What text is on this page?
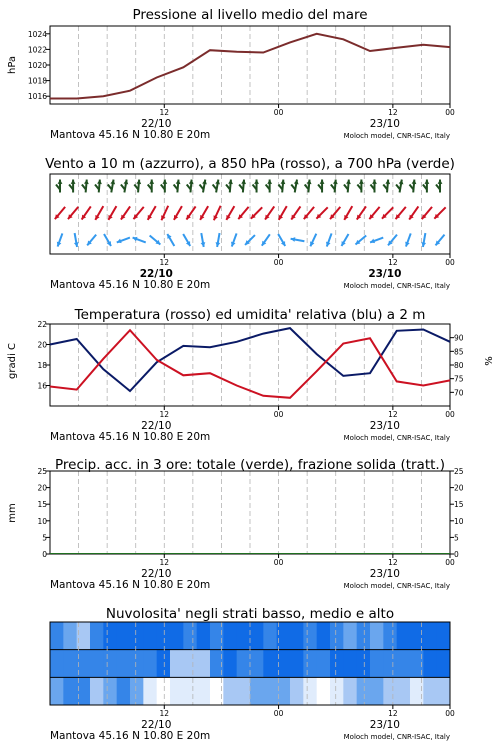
Pressione al livello medio del mare
Vento a 10 m (azzurro), a 850 hPa (rosso), a 700 hPa (verde)
Temperatura (rosso) ed umidita' relativa (blu) a 2 m
Precip. acc. in 3 ore: totale (verde), frazione solida (tratt.)
Nuvolosita' negli strati basso, medio e alto
hPa
gradi C	%
mm
1016
1018
1020
1022
1024
12	00	12	00
22/10	23/10
Mantova 45.16 N 10.80 E 20m	Moloch model, CNR-ISAC, Italy
12	00	12	00
22/10	23/10
Mantova 45.16 N 10.80 E 20m	Moloch model, CNR-ISAC, Italy
16
18
20
22
70
75
80
85
90
12	00	12	00
22/10	23/10
Mantova 45.16 N 10.80 E 20m	Moloch model, CNR-ISAC, Italy
0
5
10
15
20
25
0
5
10
15
20
25
12	00	12	00
22/10	23/10
Mantova 45.16 N 10.80 E 20m	Moloch model, CNR-ISAC, Italy
12	00	12	00
22/10	23/10
Mantova 45.16 N 10.80 E 20m	Moloch model, CNR-ISAC, Italy
